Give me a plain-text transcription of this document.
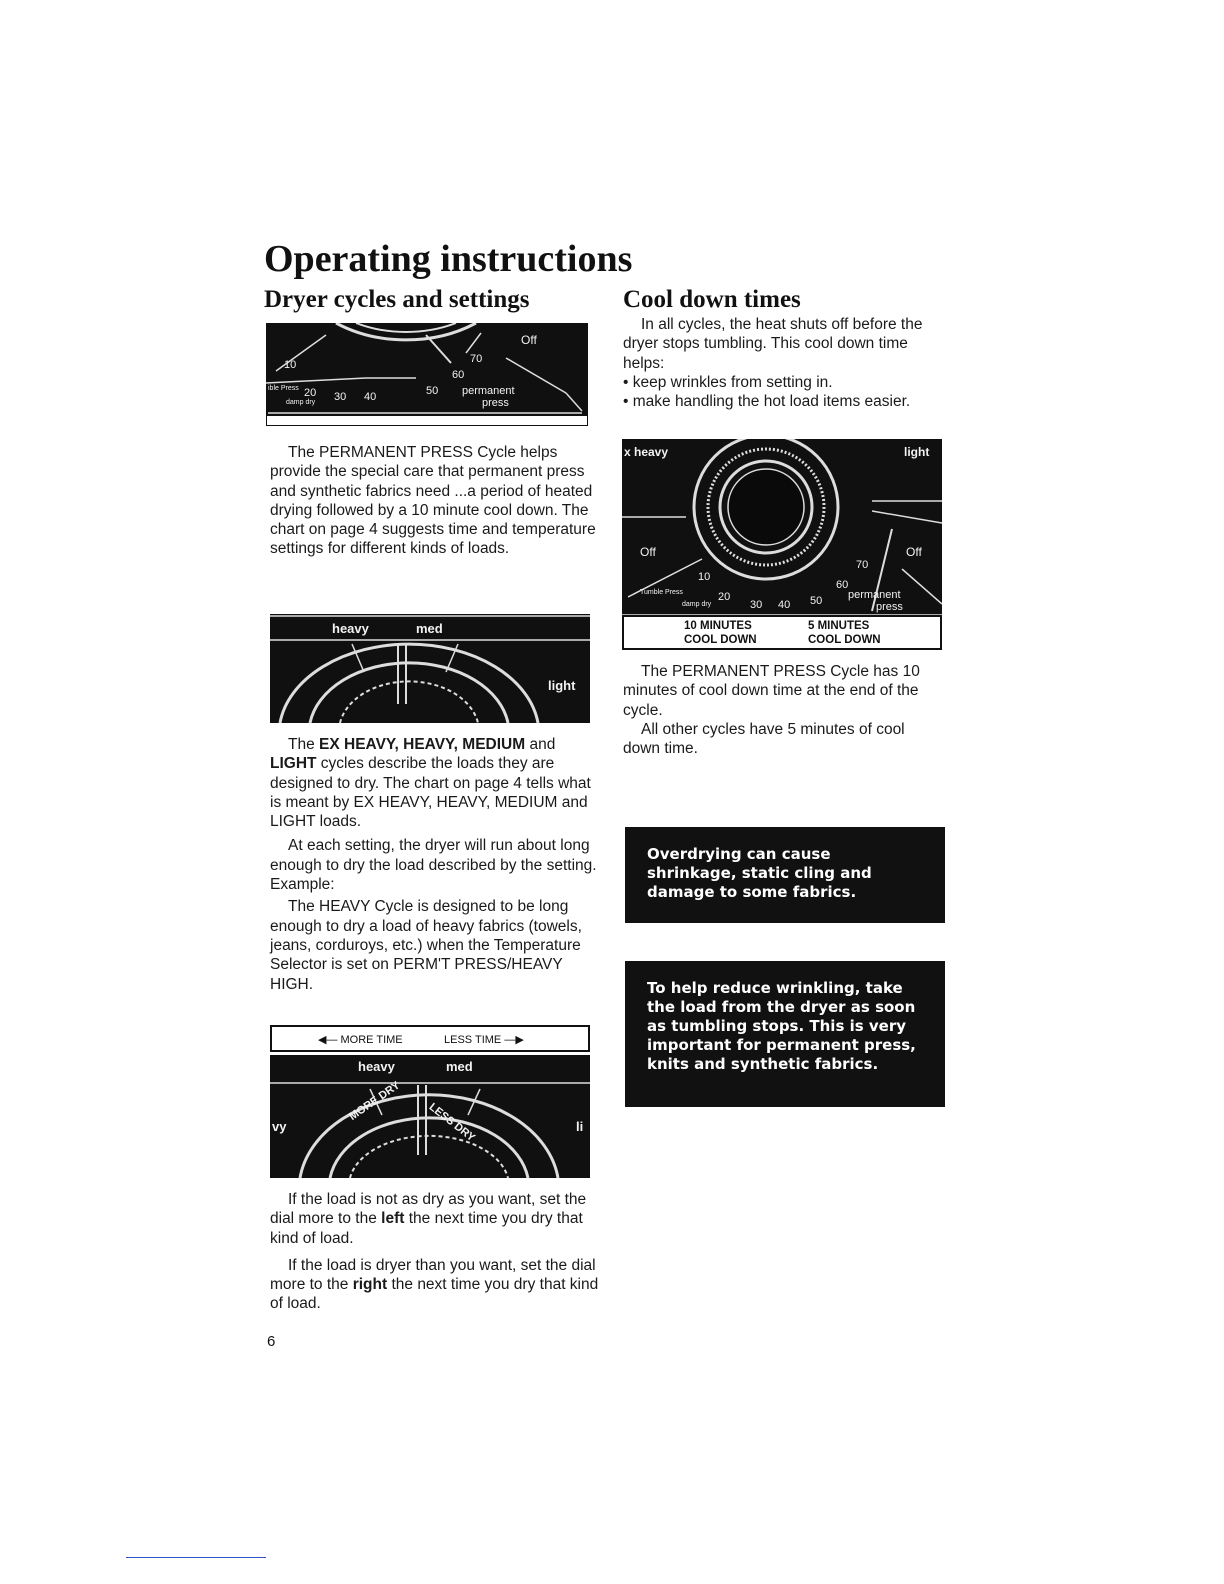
Operating instructions
Dryer cycles and settings	Cool down times
Off
10
20 30 40	50
60
70
permanent
press
ible Press
damp dry

The PERMANENT PRESS Cycle helps provide the special care that permanent press and synthetic fabrics need ...a period of heated drying followed by a 10 minute cool down. The chart on page 4 suggests time and temperature settings for different kinds of loads.

heavy	med
light

The EX HEAVY, HEAVY, MEDIUM and LIGHT cycles describe the loads they are designed to dry. The chart on page 4 tells what is meant by EX HEAVY, HEAVY, MEDIUM and LIGHT loads.

At each setting, the dryer will run about long enough to dry the load described by the setting. Example:

The HEAVY Cycle is designed to be long enough to dry a load of heavy fabrics (towels, jeans, corduroys, etc.) when the Temperature Selector is set on PERM'T PRESS/HEAVY HIGH.

◀— MORE TIME	LESS TIME —▶
heavy	med
vy	li
MORE DRY LESS DRY

If the load is not as dry as you want, set the dial more to the left the next time you dry that kind of load.

If the load is dryer than you want, set the dial more to the right the next time you dry that kind of load.

6

In all cycles, the heat shuts off before the dryer stops tumbling. This cool down time helps:

• keep wrinkles from setting in.
• make handling the hot load items easier.
x heavy	light
Off	Off
10
20
30 40 50
60
70
permanent
press
Tumble Press
damp dry
10 MINUTES
COOL DOWN
5 MINUTES
COOL DOWN

The PERMANENT PRESS Cycle has 10 minutes of cool down time at the end of the cycle.

All other cycles have 5 minutes of cool down time.

Overdrying can cause shrinkage, static cling and damage to some fabrics.
To help reduce wrinkling, take the load from the dryer as soon as tumbling stops. This is very important for permanent press, knits and synthetic fabrics.
